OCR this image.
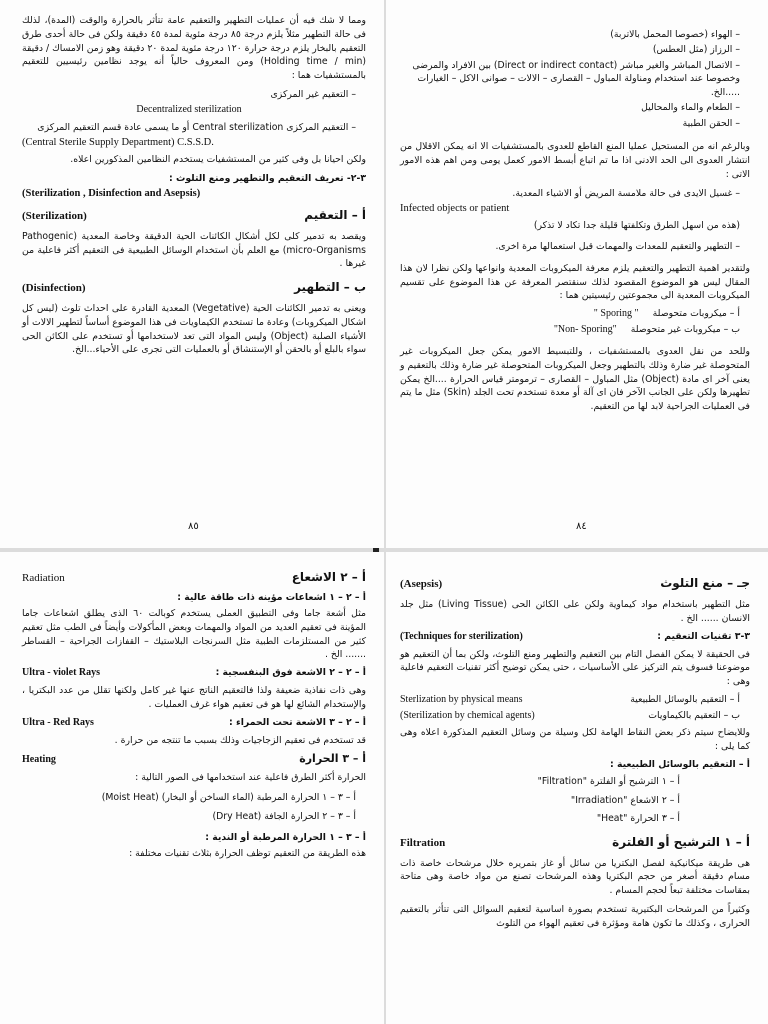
ومما لا شك فيه أن عمليات التطهير والتعقيم عامة تتأثر بالحرارة والوقت (المدة)، لذلك فى حالة التطهير مثلاً يلزم درجة ٨٥ درجة مئوية لمدة ٤٥ دقيقة ولكن فى حالة أحدى طرق التعقيم بالبخار يلزم درجة حرارة ١٢٠ درجة مئوية لمدة ٢٠ دقيقة وهو زمن الامساك / دقيقة (Holding time / min) ومن المعروف حالياً أنه يوجد نظامين رئيسيين للتعقيم بالمستشفيات هما :

– التعقيم غير المركزى
Decentralized sterilization
– التعقيم المركزى Central sterilization أو ما يسمى عادة قسم التعقيم المركزى
(Central Sterile Supply Department) C.S.S.D.

ولكن احيانا بل وفى كثير من المستشفيات يستخدم النظامين المذكورين اعلاه.

٣-٢- تعريف التعقيم والتطهير ومنع التلوث :
(Sterilization , Disinfection and Asepsis)
أ – التعقيم
(Sterilization)

ويقصد به تدمير كلى لكل أشكال الكائنات الحية الدقيقة وخاصة المعدية (Pathogenic micro-Organisms) مع العلم بأن استخدام الوسائل الطبيعية فى التعقيم أكثر فاعلية من غيرها .

ب – التطهير
(Disinfection)

ويعنى به تدمير الكائنات الحية (Vegetative) المعدية القادرة على احداث تلوث (ليس كل اشكال الميكروبات) وعادة ما تستخدم الكيماويات فى هذا الموضوع أساساً لتطهير الالات أو الأشياء الصلبة (Object) وليس المواد التى تعد لاستخدامها أو تستخدم على الكائن الحى سواء بالبلع أو بالحقن أو الإستنشاق أو بالعمليات التى تجرى على الأحياء...الخ.

٨٥
– الهواء (خصوصا المحمل بالاتربة)
– الرزاز (مثل العطس)
– الاتصال المباشر والغير مباشر (Direct or indirect contact) بين الافراد والمرضى وخصوصا عند استخدام ومناولة المباول – القصارى – الالات – صوانى الاكل – الغيارات .....الخ.
– الطعام والماء والمحاليل
– الحقن الطبية

وبالرغم انه من المستحيل عمليا المنع القاطع للعدوى بالمستشفيات الا انه يمكن الاقلال من انتشار العدوى الى الحد الادنى اذا ما تم اتباع أبسط الامور كعمل يومى ومن اهم هذه الامور الاتى :

– غسيل الايدى فى حالة ملامسة المريض أو الاشياء المعدية.
Infected objects or patient
(هذه من اسهل الطرق وتكلفتها قليلة جدا تكاد لا تذكر)
– التطهير والتعقيم للمعدات والمهمات قبل استعمالها مرة اخرى.

ولتقدير اهمية التطهير والتعقيم يلزم معرفة الميكروبات المعدية وانواعها ولكن نظرا لان هذا المقال ليس هو الموضوع المقصود لذلك سنقتصر المعرفة عن هذا الموضوع على تقسيم الميكروبات المعدية الى مجموعتين رئيسيتين هما :

أ – ميكروبات متحوصلة
" Sporing "
ب – ميكروبات غير متحوصلة
"Non- Sporing"

وللحد من نقل العدوى بالمستشفيات ، وللتبسيط الامور يمكن جعل الميكروبات غير المتحوصلة غير ضارة وذلك بالتطهير وجعل الميكروبات المتحوصلة غير ضارة وذلك بالتعقيم و يعنى آخر اى مادة (Object) مثل المباول – القصارى – ترمومتر قياس الحرارة ....الخ يمكن تطهيرها ولكن على الجانب الآخر فان اى آلة أو معدة تستخدم تحت الجلد (Skin) مثل ما يتم فى العمليات الجراحية لابد لها من التعقيم.

٨٤
أ – ٢ الاشعاع
Radiation
أ – ٢ – ١ اشعاعات مؤينه ذات طاقة عالية :

مثل أشعة جاما وفى التطبيق العملى يستخدم كوبالت ٦٠ الذى يطلق اشعاعات جاما المؤينة فى تعقيم العديد من المواد والمهمات وبعض المأكولات وأيضاً فى الطب مثل تعقيم كثير من المستلزمات الطبية مثل السرنجات البلاستيك – القفازات الجراحية – القساطر ....... الخ .

أ – ٢ – ٢ الاشعة فوق البنفسجية :
Ultra - violet Rays

وهى ذات نفاذية ضعيفة ولذا فالتعقيم الناتج عنها غير كامل ولكنها تقلل من عدد البكتريا ، والإستخدام الشائع لها هو فى تعقيم هواء غرف العمليات .

أ – ٢ – ٣ الاشعة تحت الحمراء :
Ultra - Red Rays

قد تستخدم فى تعقيم الزجاجيات وذلك بسبب ما تنتجه من حرارة .

أ – ٣ الحرارة
Heating

الحرارة أكثر الطرق فاعلية عند استخدامها فى الصور التالية :

أ – ٣ – ١ الحرارة المرطبة (الماء الساخن أو البخار) (Moist Heat)
أ – ٣ – ٢ الحرارة الجافة (Dry Heat)
أ – ٣ – ١ الحرارة المرطبة أو الندية :

هذه الطريقة من التعقيم توظف الحرارة بثلاث تقنيات مختلفة :

جـ – منع التلوث
(Asepsis)

مثل التطهير باستخدام مواد كيماوية ولكن على الكائن الحى (Living Tissue) مثل جلد الانسان ...... الخ .

٣-٣ تقنيات التعقيم :
(Techniques for sterilization)

فى الحقيقة لا يمكن الفصل التام بين التعقيم والتطهير ومنع التلوث، ولكن بما أن التعقيم هو موضوعنا فسوف يتم التركيز على الأساسيات ، حتى يمكن توضيح أكثر تقنيات التعقيم فاعلية وهى :

أ – التعقيم بالوسائل الطبيعية
Sterlization by physical means
ب – التعقيم بالكيماويات
(Sterilization by chemical agents)

وللايضاح سيتم ذكر بعض النقاط الهامة لكل وسيلة من وسائل التعقيم المذكورة اعلاه وهى كما يلى :

أ – التعقيم بالوسائل الطبيعية :
أ – ١ الترشيح أو الفلترة "Filtration"
أ – ٢ الاشعاع "Irradiation"
أ – ٣ الحرارة "Heat"
أ – ١ الترشيح أو الفلترة
Filtration

هى طريقة ميكانيكية لفصل البكتريا من سائل أو غاز بتمريره خلال مرشحات خاصة ذات مسام دقيقة أصغر من حجم البكتريا وهذه المرشحات تصنع من مواد خاصة وهى متاحة بمقاسات مختلفة تبعاً لحجم المسام .

وكثيراً من المرشحات البكتيرية تستخدم بصورة اساسية لتعقيم السوائل التى تتأثر بالتعقيم الحرارى ، وكذلك ما تكون هامة ومؤثرة فى تعقيم الهواء من التلوث
